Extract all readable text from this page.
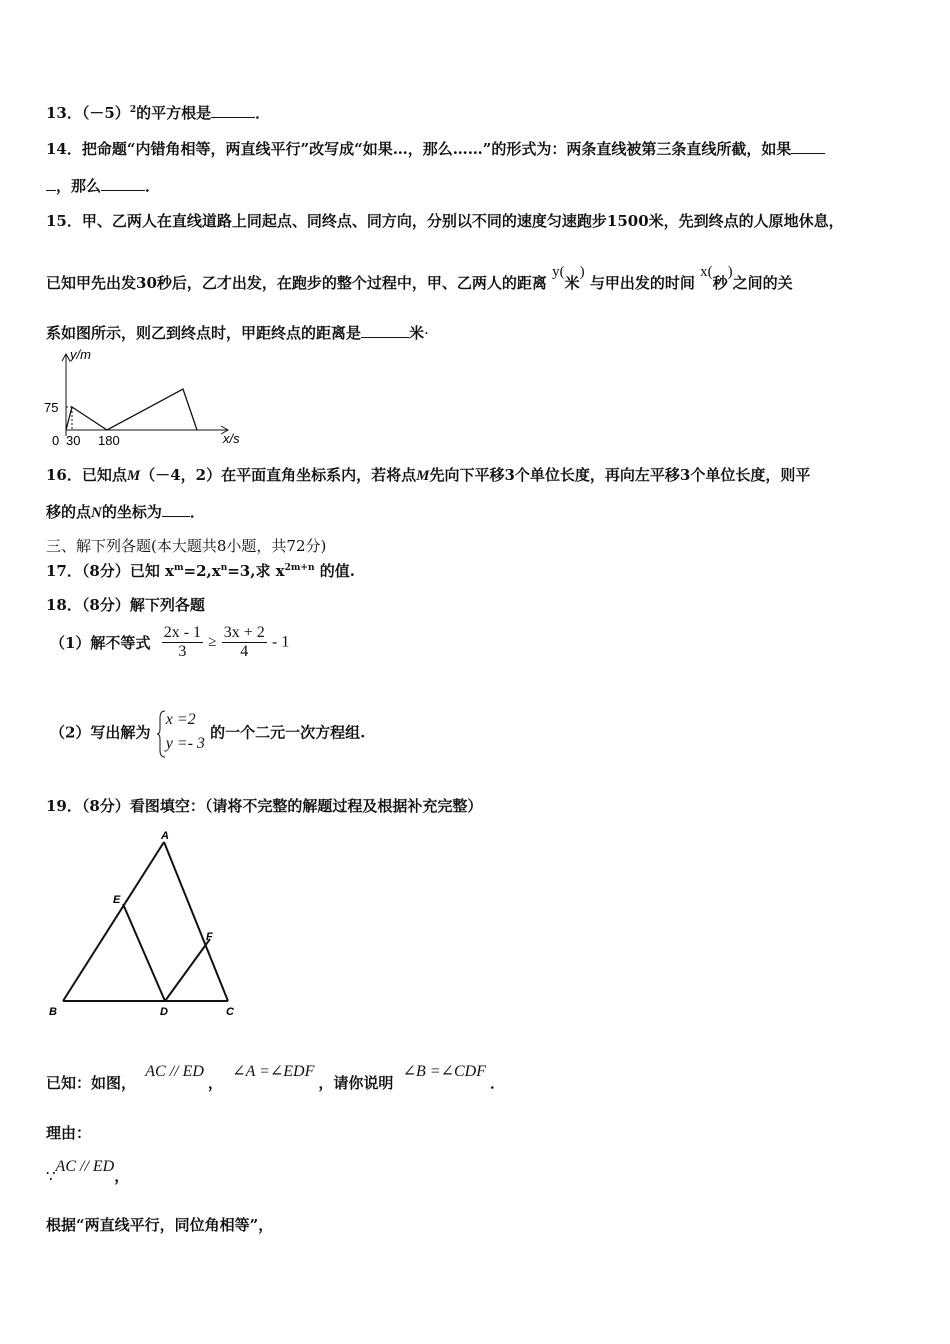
13．$(-5)^2$的平方根是	．
14．把命题“内错角相等，两直线平行”改写成“如果…，那么……”的形式为：两条直线被第三条直线所截，如果
，那么	．
15．甲、乙两人在直线道路上同起点、同终点、同方向，分别以不同的速度匀速跑步1500米，先到终点的人原地休息，
已知甲先出发30秒后，乙才出发，在跑步的整个过程中，甲、乙两人的距离 y(米) 与甲出发的时间 x(秒)之间的关
系如图所示，则乙到终点时，甲距终点的距离是	米·
y/m
x/s
75
0 30 180
16．已知点M（－4，2）在平面直角坐标系内，若将点M先向下平移3个单位长度，再向左平移3个单位长度，则平
移的点N的坐标为 ．
三、解下列各题(本大题共8小题，共72分)
17．（8分）已知 $x^m=2,x^n=3$,求 $x^{2m+n}$ 的值.
18．（8分）解下列各题
（1）解不等式 $\frac{2x - 1}{3} \ge \frac{3x + 2}{4} - 1$
（2）写出解为
x =2
y =- 3
的一个二元一次方程组.
19．（8分）看图填空：（请将不完整的解题过程及根据补充完整）
A
B	C
D
E
F
已知：如图， AC // ED， ∠A =∠EDF，请你说明 ∠B =∠CDF．
理由：
∵AC // ED，
根据“两直线平行，同位角相等”，
